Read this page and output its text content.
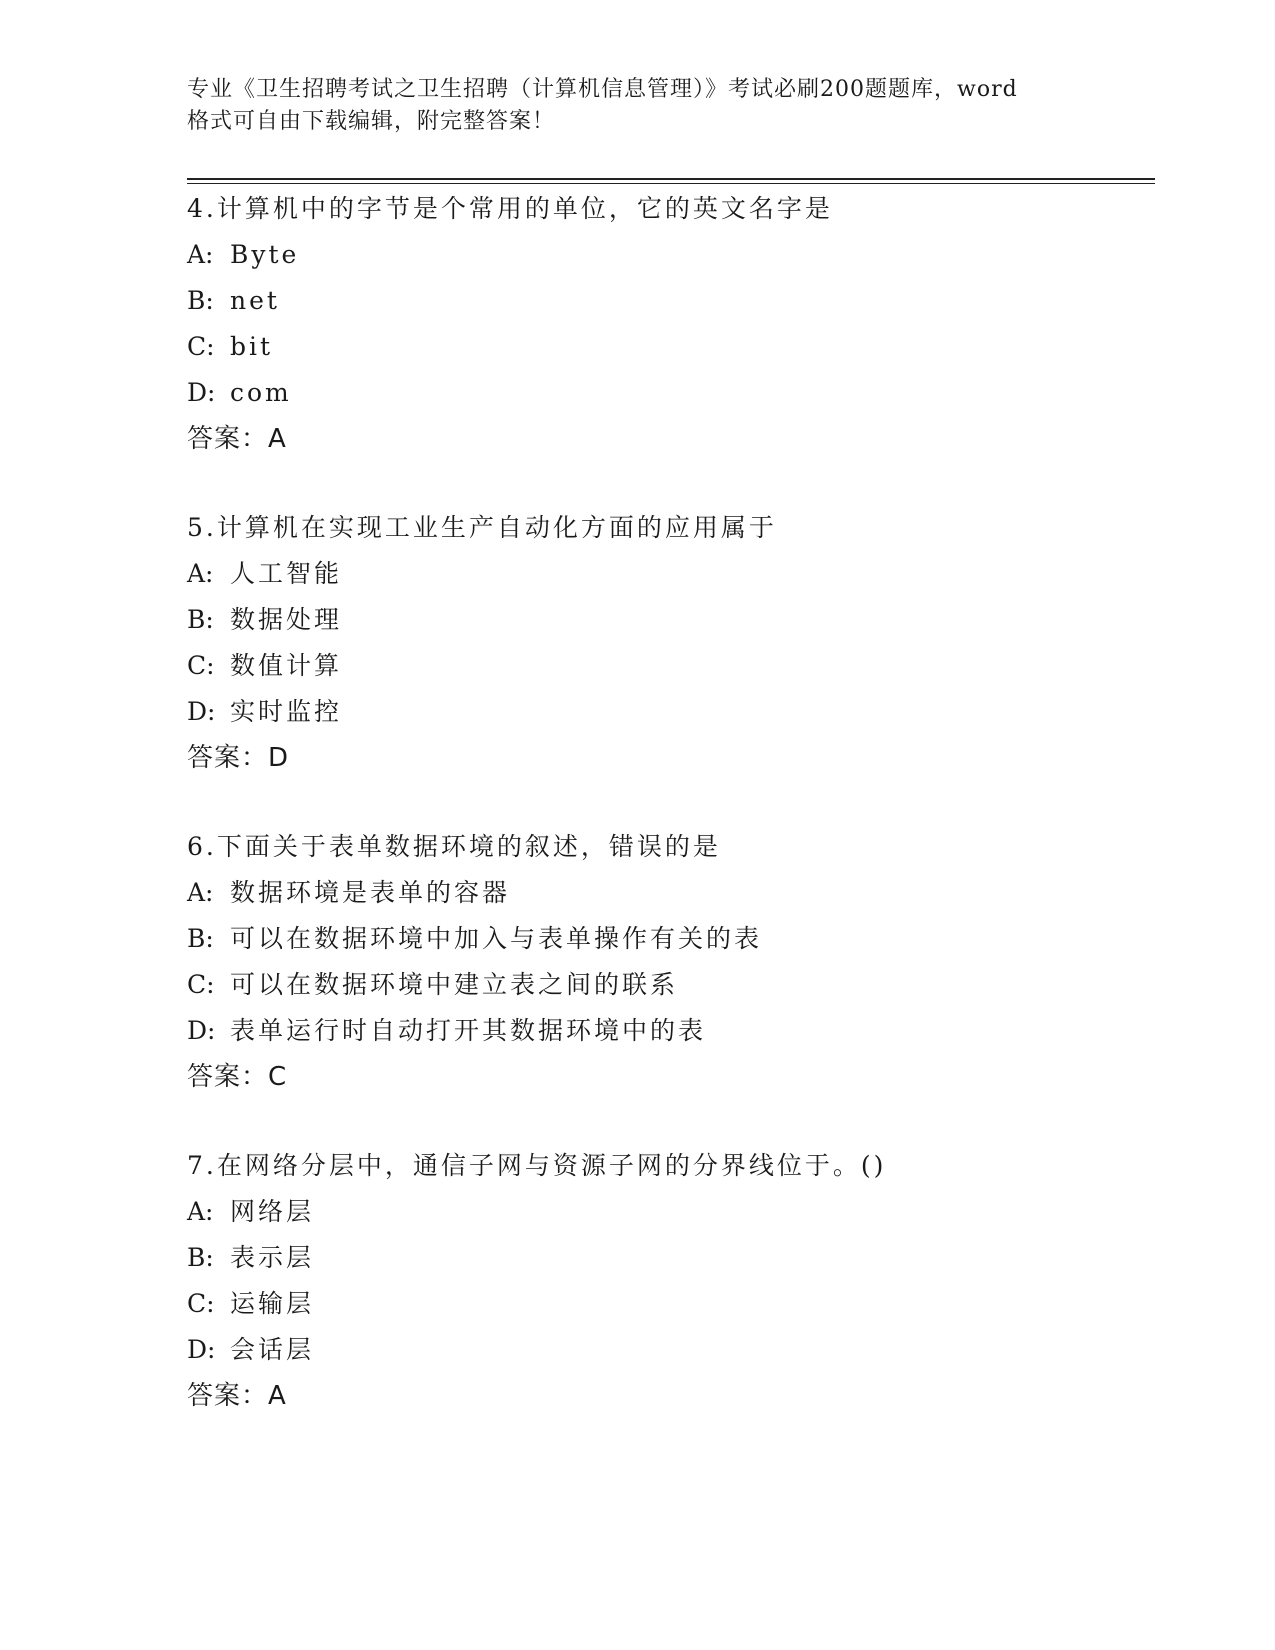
专业《卫生招聘考试之卫生招聘（计算机信息管理）》考试必刷200题题库，word
格式可自由下载编辑，附完整答案！
4.计算机中的字节是个常用的单位，它的英文名字是
A: Byte
B: net
C: bit
D: com
答案：A
5.计算机在实现工业生产自动化方面的应用属于
A: 人工智能
B: 数据处理
C: 数值计算
D: 实时监控
答案：D
6.下面关于表单数据环境的叙述，错误的是
A: 数据环境是表单的容器
B: 可以在数据环境中加入与表单操作有关的表
C: 可以在数据环境中建立表之间的联系
D: 表单运行时自动打开其数据环境中的表
答案：C
7.在网络分层中，通信子网与资源子网的分界线位于。()
A: 网络层
B: 表示层
C: 运输层
D: 会话层
答案：A
